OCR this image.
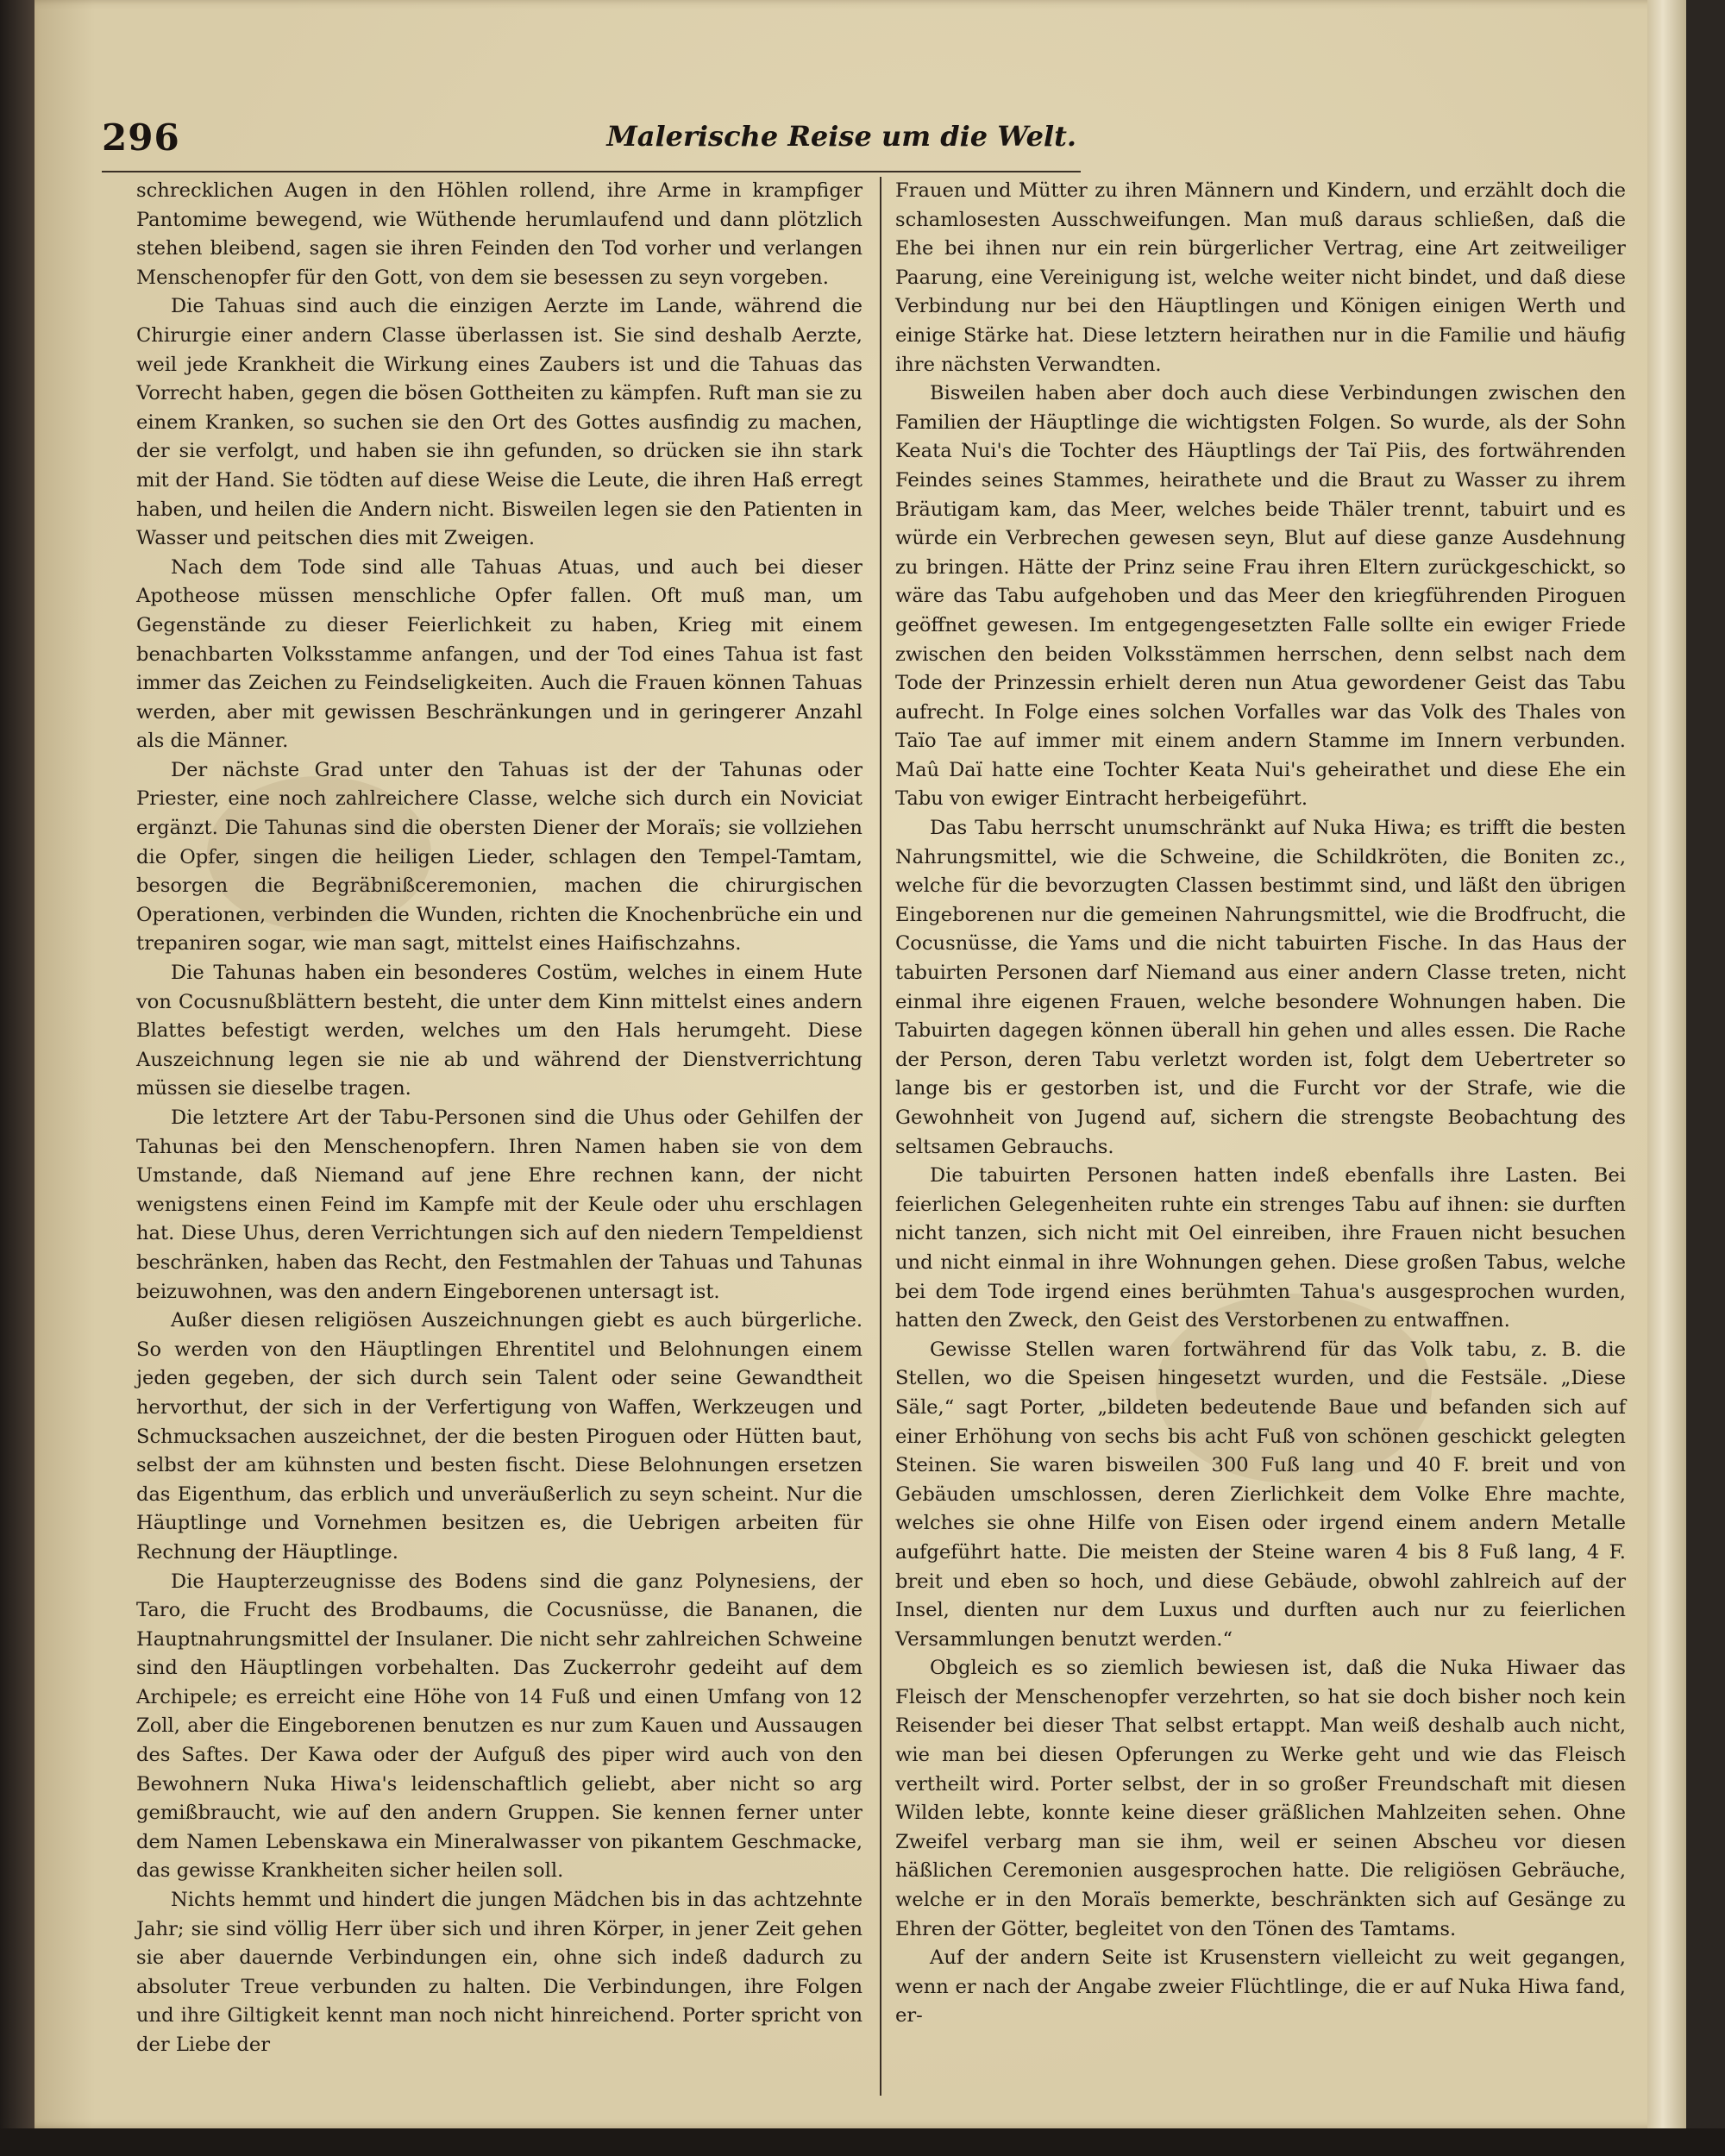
296	Malerische Reise um die Welt.

schrecklichen Augen in den Höhlen rollend, ihre Arme in krampfiger Pantomime bewegend, wie Wüthende herumlaufend und dann plötzlich stehen bleibend, sagen sie ihren Feinden den Tod vorher und verlangen Menschenopfer für den Gott, von dem sie besessen zu seyn vorgeben.

Die Tahuas sind auch die einzigen Aerzte im Lande, während die Chirurgie einer andern Classe überlassen ist. Sie sind deshalb Aerzte, weil jede Krankheit die Wirkung eines Zaubers ist und die Tahuas das Vorrecht haben, gegen die bösen Gottheiten zu kämpfen. Ruft man sie zu einem Kranken, so suchen sie den Ort des Gottes ausfindig zu machen, der sie verfolgt, und haben sie ihn gefunden, so drücken sie ihn stark mit der Hand. Sie tödten auf diese Weise die Leute, die ihren Haß erregt haben, und heilen die Andern nicht. Bisweilen legen sie den Patienten in Wasser und peitschen dies mit Zweigen.

Nach dem Tode sind alle Tahuas Atuas, und auch bei dieser Apotheose müssen menschliche Opfer fallen. Oft muß man, um Gegenstände zu dieser Feierlichkeit zu haben, Krieg mit einem benachbarten Volksstamme anfangen, und der Tod eines Tahua ist fast immer das Zeichen zu Feindseligkeiten. Auch die Frauen können Tahuas werden, aber mit gewissen Beschränkungen und in geringerer Anzahl als die Männer.

Der nächste Grad unter den Tahuas ist der der Tahunas oder Priester, eine noch zahlreichere Classe, welche sich durch ein Noviciat ergänzt. Die Tahunas sind die obersten Diener der Moraïs; sie vollziehen die Opfer, singen die heiligen Lieder, schlagen den Tempel-Tamtam, besorgen die Begräbnißceremonien, machen die chirurgischen Operationen, verbinden die Wunden, richten die Knochenbrüche ein und trepaniren sogar, wie man sagt, mittelst eines Haifischzahns.

Die Tahunas haben ein besonderes Costüm, welches in einem Hute von Cocusnußblättern besteht, die unter dem Kinn mittelst eines andern Blattes befestigt werden, welches um den Hals herumgeht. Diese Auszeichnung legen sie nie ab und während der Dienstverrichtung müssen sie dieselbe tragen.

Die letztere Art der Tabu-Personen sind die Uhus oder Gehilfen der Tahunas bei den Menschenopfern. Ihren Namen haben sie von dem Umstande, daß Niemand auf jene Ehre rechnen kann, der nicht wenigstens einen Feind im Kampfe mit der Keule oder uhu erschlagen hat. Diese Uhus, deren Verrichtungen sich auf den niedern Tempeldienst beschränken, haben das Recht, den Festmahlen der Tahuas und Tahunas beizuwohnen, was den andern Eingeborenen untersagt ist.

Außer diesen religiösen Auszeichnungen giebt es auch bürgerliche. So werden von den Häuptlingen Ehrentitel und Belohnungen einem jeden gegeben, der sich durch sein Talent oder seine Gewandtheit hervorthut, der sich in der Verfertigung von Waffen, Werkzeugen und Schmucksachen auszeichnet, der die besten Piroguen oder Hütten baut, selbst der am kühnsten und besten fischt. Diese Belohnungen ersetzen das Eigenthum, das erblich und unveräußerlich zu seyn scheint. Nur die Häuptlinge und Vornehmen besitzen es, die Uebrigen arbeiten für Rechnung der Häuptlinge.

Die Haupterzeugnisse des Bodens sind die ganz Polynesiens, der Taro, die Frucht des Brodbaums, die Cocusnüsse, die Bananen, die Hauptnahrungsmittel der Insulaner. Die nicht sehr zahlreichen Schweine sind den Häuptlingen vorbehalten. Das Zuckerrohr gedeiht auf dem Archipele; es erreicht eine Höhe von 14 Fuß und einen Umfang von 12 Zoll, aber die Eingeborenen benutzen es nur zum Kauen und Aussaugen des Saftes. Der Kawa oder der Aufguß des piper wird auch von den Bewohnern Nuka Hiwa's leidenschaftlich geliebt, aber nicht so arg gemißbraucht, wie auf den andern Gruppen. Sie kennen ferner unter dem Namen Lebenskawa ein Mineralwasser von pikantem Geschmacke, das gewisse Krankheiten sicher heilen soll.

Nichts hemmt und hindert die jungen Mädchen bis in das achtzehnte Jahr; sie sind völlig Herr über sich und ihren Körper, in jener Zeit gehen sie aber dauernde Verbindungen ein, ohne sich indeß dadurch zu absoluter Treue verbunden zu halten. Die Verbindungen, ihre Folgen und ihre Giltigkeit kennt man noch nicht hinreichend. Porter spricht von der Liebe der

Frauen und Mütter zu ihren Männern und Kindern, und erzählt doch die schamlosesten Ausschweifungen. Man muß daraus schließen, daß die Ehe bei ihnen nur ein rein bürgerlicher Vertrag, eine Art zeitweiliger Paarung, eine Vereinigung ist, welche weiter nicht bindet, und daß diese Verbindung nur bei den Häuptlingen und Königen einigen Werth und einige Stärke hat. Diese letztern heirathen nur in die Familie und häufig ihre nächsten Verwandten.

Bisweilen haben aber doch auch diese Verbindungen zwischen den Familien der Häuptlinge die wichtigsten Folgen. So wurde, als der Sohn Keata Nui's die Tochter des Häuptlings der Taï Piis, des fortwährenden Feindes seines Stammes, heirathete und die Braut zu Wasser zu ihrem Bräutigam kam, das Meer, welches beide Thäler trennt, tabuirt und es würde ein Verbrechen gewesen seyn, Blut auf diese ganze Ausdehnung zu bringen. Hätte der Prinz seine Frau ihren Eltern zurückgeschickt, so wäre das Tabu aufgehoben und das Meer den kriegführenden Piroguen geöffnet gewesen. Im entgegengesetzten Falle sollte ein ewiger Friede zwischen den beiden Volksstämmen herrschen, denn selbst nach dem Tode der Prinzessin erhielt deren nun Atua gewordener Geist das Tabu aufrecht. In Folge eines solchen Vorfalles war das Volk des Thales von Taïo Tae auf immer mit einem andern Stamme im Innern verbunden. Maû Daï hatte eine Tochter Keata Nui's geheirathet und diese Ehe ein Tabu von ewiger Eintracht herbeigeführt.

Das Tabu herrscht unumschränkt auf Nuka Hiwa; es trifft die besten Nahrungsmittel, wie die Schweine, die Schildkröten, die Boniten zc., welche für die bevorzugten Classen bestimmt sind, und läßt den übrigen Eingeborenen nur die gemeinen Nahrungsmittel, wie die Brodfrucht, die Cocusnüsse, die Yams und die nicht tabuirten Fische. In das Haus der tabuirten Personen darf Niemand aus einer andern Classe treten, nicht einmal ihre eigenen Frauen, welche besondere Wohnungen haben. Die Tabuirten dagegen können überall hin gehen und alles essen. Die Rache der Person, deren Tabu verletzt worden ist, folgt dem Uebertreter so lange bis er gestorben ist, und die Furcht vor der Strafe, wie die Gewohnheit von Jugend auf, sichern die strengste Beobachtung des seltsamen Gebrauchs.

Die tabuirten Personen hatten indeß ebenfalls ihre Lasten. Bei feierlichen Gelegenheiten ruhte ein strenges Tabu auf ihnen: sie durften nicht tanzen, sich nicht mit Oel einreiben, ihre Frauen nicht besuchen und nicht einmal in ihre Wohnungen gehen. Diese großen Tabus, welche bei dem Tode irgend eines berühmten Tahua's ausgesprochen wurden, hatten den Zweck, den Geist des Verstorbenen zu entwaffnen.

Gewisse Stellen waren fortwährend für das Volk tabu, z. B. die Stellen, wo die Speisen hingesetzt wurden, und die Festsäle. „Diese Säle,“ sagt Porter, „bildeten bedeutende Baue und befanden sich auf einer Erhöhung von sechs bis acht Fuß von schönen geschickt gelegten Steinen. Sie waren bisweilen 300 Fuß lang und 40 F. breit und von Gebäuden umschlossen, deren Zierlichkeit dem Volke Ehre machte, welches sie ohne Hilfe von Eisen oder irgend einem andern Metalle aufgeführt hatte. Die meisten der Steine waren 4 bis 8 Fuß lang, 4 F. breit und eben so hoch, und diese Gebäude, obwohl zahlreich auf der Insel, dienten nur dem Luxus und durften auch nur zu feierlichen Versammlungen benutzt werden.“

Obgleich es so ziemlich bewiesen ist, daß die Nuka Hiwaer das Fleisch der Menschenopfer verzehrten, so hat sie doch bisher noch kein Reisender bei dieser That selbst ertappt. Man weiß deshalb auch nicht, wie man bei diesen Opferungen zu Werke geht und wie das Fleisch vertheilt wird. Porter selbst, der in so großer Freundschaft mit diesen Wilden lebte, konnte keine dieser gräßlichen Mahlzeiten sehen. Ohne Zweifel verbarg man sie ihm, weil er seinen Abscheu vor diesen häßlichen Ceremonien ausgesprochen hatte. Die religiösen Gebräuche, welche er in den Moraïs bemerkte, beschränkten sich auf Gesänge zu Ehren der Götter, begleitet von den Tönen des Tamtams.

Auf der andern Seite ist Krusenstern vielleicht zu weit gegangen, wenn er nach der Angabe zweier Flüchtlinge, die er auf Nuka Hiwa fand, er-
